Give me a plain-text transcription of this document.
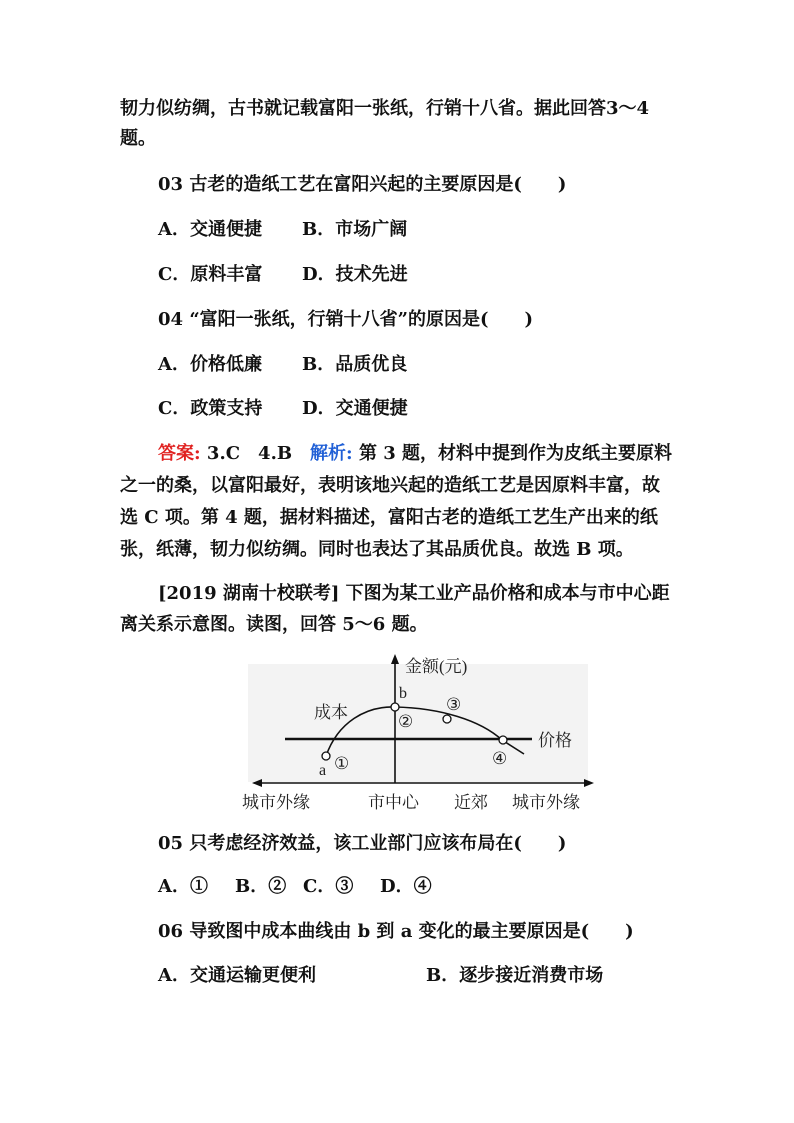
韧力似纺绸，古书就记载富阳一张纸，行销十八省。据此回答3～4
题。
03 古老的造纸工艺在富阳兴起的主要原因是(　　)
A．交通便捷 B．市场广阔
C．原料丰富 D．技术先进
04 “富阳一张纸，行销十八省”的原因是(　　)
A．价格低廉 B．品质优良
C．政策支持 D．交通便捷
答案: 3.C　4.B　解析: 第 3 题，材料中提到作为皮纸主要原料
之一的桑，以富阳最好，表明该地兴起的造纸工艺是因原料丰富，故
选 C 项。第 4 题，据材料描述，富阳古老的造纸工艺生产出来的纸
张，纸薄，韧力似纺绸。同时也表达了其品质优良。故选 B 项。
[2019 湖南十校联考] 下图为某工业产品价格和成本与市中心距
离关系示意图。读图，回答 5～6 题。
金额(元)
价格
成本
a ①
b
②
③
④
城市外缘	市中心 近郊 城市外缘
05 只考虑经济效益，该工业部门应该布局在(　　)
A．① B．② C．③ D．④
06 导致图中成本曲线由 b 到 a 变化的最主要原因是(　　)
A．交通运输更便利	B．逐步接近消费市场
